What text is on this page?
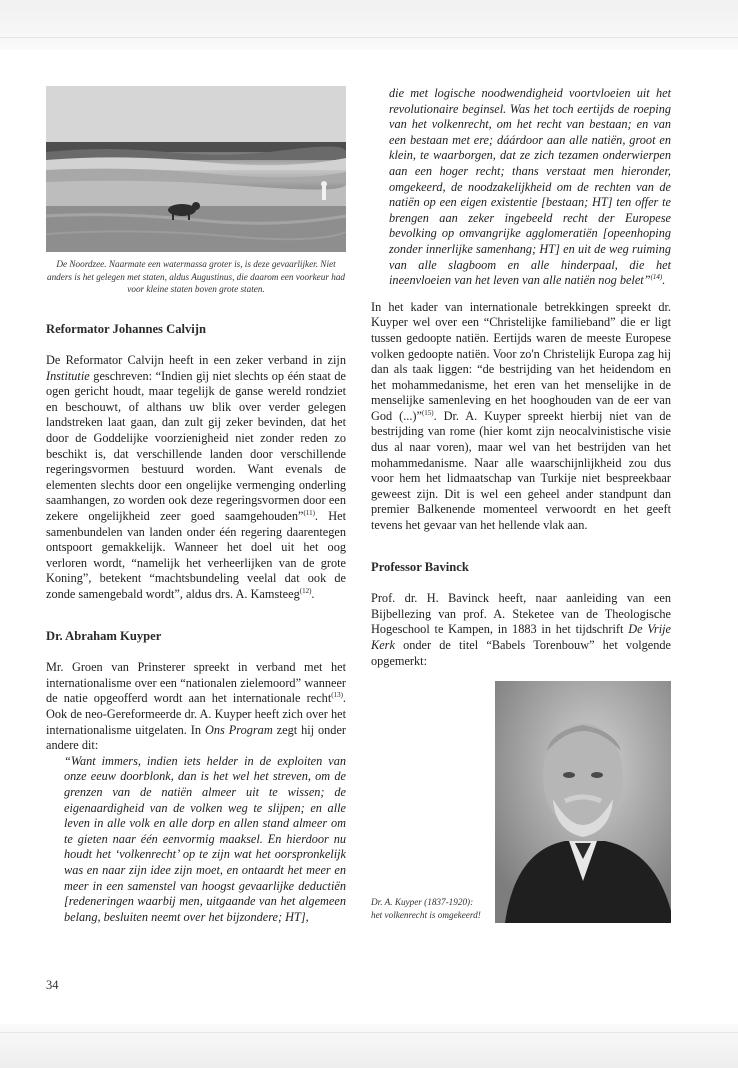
De Noordzee. Naarmate een watermassa groter is, is deze gevaarlijker. Niet anders is het gelegen met staten, aldus Augustinus, die daarom een voorkeur had voor kleine staten boven grote staten.

Reformator Johannes Calvijn

De Reformator Calvijn heeft in een zeker verband in zijn Institutie geschreven: “Indien gij niet slechts op één staat de ogen gericht houdt, maar tegelijk de ganse wereld rondziet en beschouwt, of althans uw blik over verder gelegen landstreken laat gaan, dan zult gij zeker bevinden, dat het door de Goddelijke voorzienigheid niet zonder reden zo beschikt is, dat verschillende landen door verschillende regeringsvormen bestuurd worden. Want evenals de elementen slechts door een ongelijke vermenging onderling saamhangen, zo worden ook deze regeringsvormen door een zekere ongelijkheid zeer goed saamgehouden”$^{(11)}$. Het samenbundelen van landen onder één regering daarentegen ontspoort gemakkelijk. Wanneer het doel uit het oog verloren wordt, “namelijk het verheerlijken van de grote Koning”, betekent “machtsbundeling veelal dat ook de zonde samengebald wordt”, aldus drs. A. Kamsteeg$^{(12)}$.

Dr. Abraham Kuyper

Mr. Groen van Prinsterer spreekt in verband met het internationalisme over een “nationalen zielemoord” wanneer de natie opgeofferd wordt aan het internationale recht$^{(13)}$. Ook de neo-Gereformeerde dr. A. Kuyper heeft zich over het internationalisme uitgelaten. In Ons Program zegt hij onder andere dit:

“Want immers, indien iets helder in de exploiten van onze eeuw doorblonk, dan is het wel het streven, om de grenzen van de natiën almeer uit te wissen; de eigenaardigheid van de volken weg te slijpen; en alle leven in alle volk en alle dorp en allen stand almeer om te gieten naar één eenvormig maaksel. En hierdoor nu houdt het ‘volkenrecht’ op te zijn wat het oorspronkelijk was en naar zijn idee zijn moet, en ontaardt het meer en meer in een samenstel van hoogst gevaarlijke deductiën [redeneringen waarbij men, uitgaande van het algemeen belang, besluiten neemt over het bijzondere; HT],

die met logische noodwendigheid voortvloeien uit het revolutionaire beginsel. Was het toch eertijds de roeping van het volkenrecht, om het recht van bestaan; en van een bestaan met ere; dáárdoor aan alle natiën, groot en klein, te waarborgen, dat ze zich tezamen onderwierpen aan een hoger recht; thans verstaat men hieronder, omgekeerd, de noodzakelijkheid om de rechten van de natiën op een eigen existentie [bestaan; HT] ten offer te brengen aan zeker ingebeeld recht der Europese bevolking op omvangrijke agglomeratiën [opeenhoping zonder innerlijke samenhang; HT] en uit de weg ruiming van alle slagboom en alle hinderpaal, die het ineenvloeien van het leven van alle natiën nog belet”$^{(14)}$.

In het kader van internationale betrekkingen spreekt dr. Kuyper wel over een “Christelijke familieband” die er ligt tussen gedoopte natiën. Eertijds waren de meeste Europese volken gedoopte natiën. Voor zo'n Christelijk Europa zag hij dan als taak liggen: “de bestrijding van het heidendom en het mohammedanisme, het eren van het menselijke in de menselijke samenleving en het hooghouden van de eer van God (...)”$^{(15)}$. Dr. A. Kuyper spreekt hierbij niet van de bestrijding van rome (hier komt zijn neocalvinistische visie dus al naar voren), maar wel van het bestrijden van het mohammedanisme. Naar alle waarschijnlijkheid zou dus voor hem het lidmaatschap van Turkije niet bespreekbaar geweest zijn. Dit is wel een geheel ander standpunt dan premier Balkenende momenteel verwoordt en het geeft tevens het gevaar van het hellende vlak aan.

Professor Bavinck

Prof. dr. H. Bavinck heeft, naar aanleiding van een Bijbellezing van prof. A. Steketee van de Theologische Hogeschool te Kampen, in 1883 in het tijdschrift De Vrije Kerk onder de titel “Babels Torenbouw” het volgende opgemerkt:

Dr. A. Kuyper (1837-1920): het volkenrecht is omgekeerd!

34
